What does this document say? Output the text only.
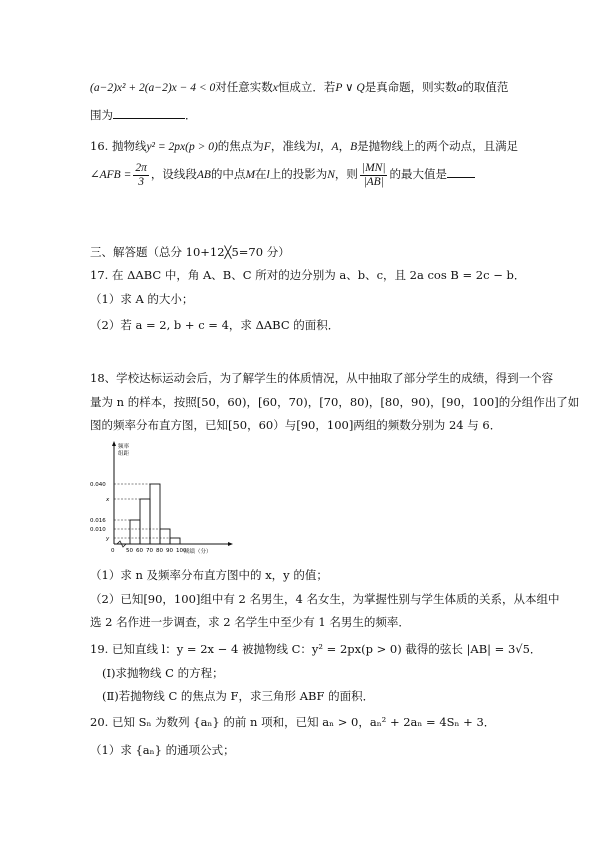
(a−2)x² + 2(a−2)x − 4 < 0对任意实数x恒成立．若P ∨ Q是真命题，则实数a的取值范
围为	．
16. 抛物线y² = 2px(p > 0)的焦点为F，准线为l，A，B是抛物线上的两个动点，且满足
∠AFB = $\frac{2\pi}{3}$ ，设线段AB的中点M在l上的投影为N，则 $\frac{|MN|}{|AB|}$ 的最大值是
三、解答题（总分 10+12╳5=70 分）
17. 在 ΔABC 中，角 A、B、C 所对的边分别为 a、b、c，且 2a cos B = 2c − b．
（1）求 A 的大小；
（2）若 a = 2, b + c = 4，求 ΔABC 的面积．
18、学校达标运动会后，为了解学生的体质情况，从中抽取了部分学生的成绩，得到一个容
量为 n 的样本，按照[50，60)，[60，70)，[70，80)，[80，90)，[90，100]的分组作出了如
图的频率分布直方图，已知[50，60）与[90，100]两组的频数分别为 24 与 6．
频率
组距
0.040
x
0.016
0.010
y
0 50 60 70 80 90 100
成绩（分）
（1）求 n 及频率分布直方图中的 x，y 的值；
（2）已知[90，100]组中有 2 名男生，4 名女生，为掌握性别与学生体质的关系，从本组中
选 2 名作进一步调查，求 2 名学生中至少有 1 名男生的频率．
19. 已知直线 l：y = 2x − 4 被抛物线 C：y² = 2px(p > 0) 截得的弦长 |AB| = 3√5．
(Ⅰ)求抛物线 C 的方程；
(Ⅱ)若抛物线 C 的焦点为 F，求三角形 ABF 的面积．
20. 已知 Sₙ 为数列 {aₙ} 的前 n 项和，已知 aₙ > 0，aₙ² + 2aₙ = 4Sₙ + 3．
（1）求 {aₙ} 的通项公式；
